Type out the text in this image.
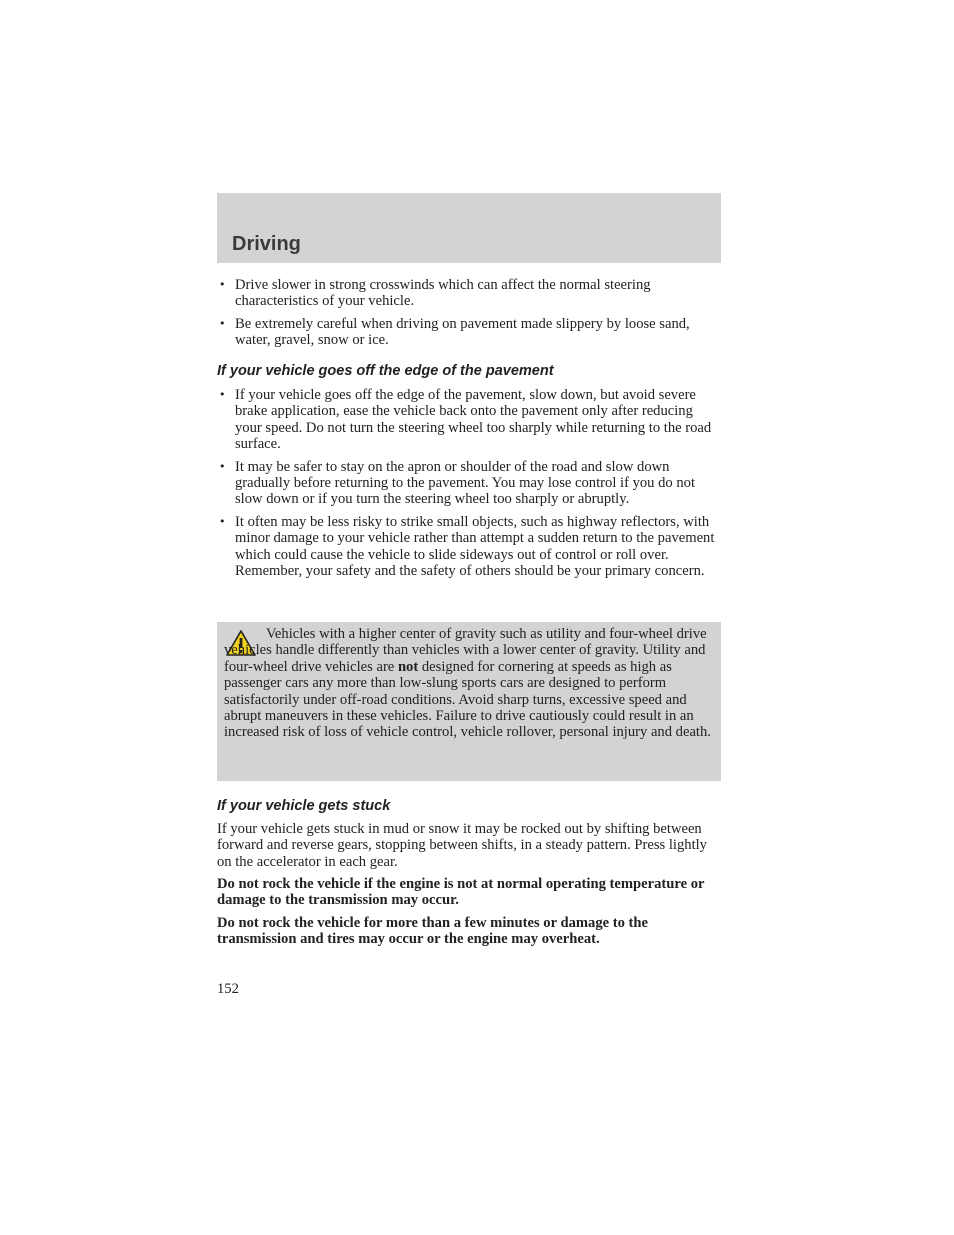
Driving
• Drive slower in strong crosswinds which can affect the normal steering characteristics of your vehicle.
• Be extremely careful when driving on pavement made slippery by loose sand, water, gravel, snow or ice.
If your vehicle goes off the edge of the pavement
• If your vehicle goes off the edge of the pavement, slow down, but avoid severe brake application, ease the vehicle back onto the pavement only after reducing your speed. Do not turn the steering wheel too sharply while returning to the road surface.
• It may be safer to stay on the apron or shoulder of the road and slow down gradually before returning to the pavement. You may lose control if you do not slow down or if you turn the steering wheel too sharply or abruptly.
• It often may be less risky to strike small objects, such as highway reflectors, with minor damage to your vehicle rather than attempt a sudden return to the pavement which could cause the vehicle to slide sideways out of control or roll over. Remember, your safety and the safety of others should be your primary concern.

Vehicles with a higher center of gravity such as utility and four-wheel drive vehicles handle differently than vehicles with a lower center of gravity. Utility and four-wheel drive vehicles are not designed for cornering at speeds as high as passenger cars any more than low-slung sports cars are designed to perform satisfactorily under off-road conditions. Avoid sharp turns, excessive speed and abrupt maneuvers in these vehicles. Failure to drive cautiously could result in an increased risk of loss of vehicle control, vehicle rollover, personal injury and death.

If your vehicle gets stuck

If your vehicle gets stuck in mud or snow it may be rocked out by shifting between forward and reverse gears, stopping between shifts, in a steady pattern. Press lightly on the accelerator in each gear.

Do not rock the vehicle if the engine is not at normal operating temperature or damage to the transmission may occur.

Do not rock the vehicle for more than a few minutes or damage to the transmission and tires may occur or the engine may overheat.

152
